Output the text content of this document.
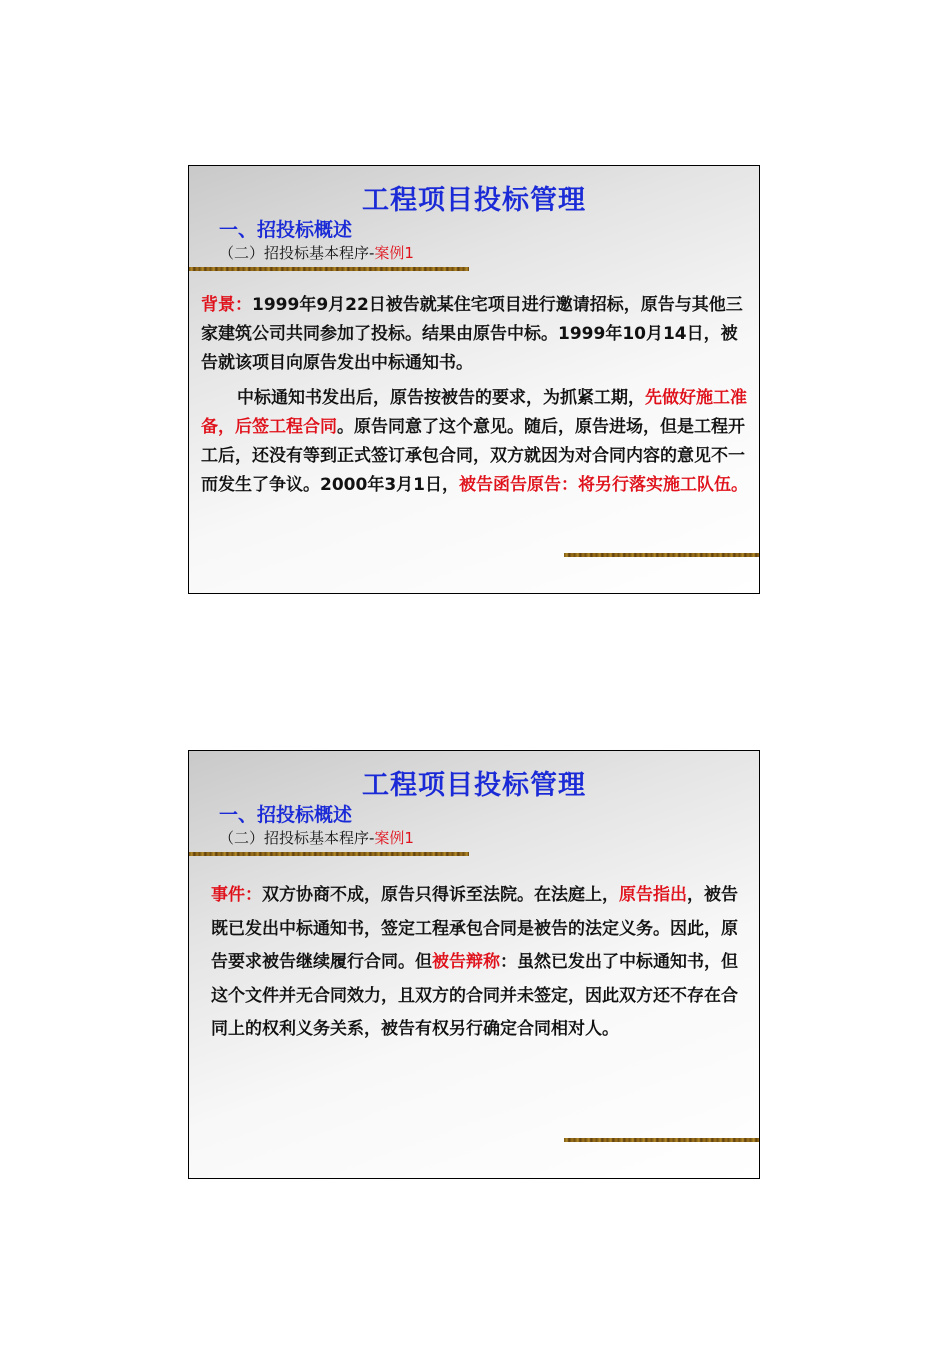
工程项目投标管理
一、招投标概述
（二）招投标基本程序-案例1
背景：1999年9月22日被告就某住宅项目进行邀请招标，原告与其他三家建筑公司共同参加了投标。结果由原告中标。1999年10月14日，被告就该项目向原告发出中标通知书。
中标通知书发出后，原告按被告的要求，为抓紧工期，先做好施工准备，后签工程合同。原告同意了这个意见。随后，原告进场，但是工程开工后，还没有等到正式签订承包合同，双方就因为对合同内容的意见不一而发生了争议。2000年3月1日，被告函告原告：将另行落实施工队伍。
工程项目投标管理
一、招投标概述
（二）招投标基本程序-案例1
事件：双方协商不成，原告只得诉至法院。在法庭上，原告指出，被告既已发出中标通知书，签定工程承包合同是被告的法定义务。因此，原告要求被告继续履行合同。但被告辩称：虽然已发出了中标通知书，但这个文件并无合同效力，且双方的合同并未签定，因此双方还不存在合同上的权利义务关系，被告有权另行确定合同相对人。
